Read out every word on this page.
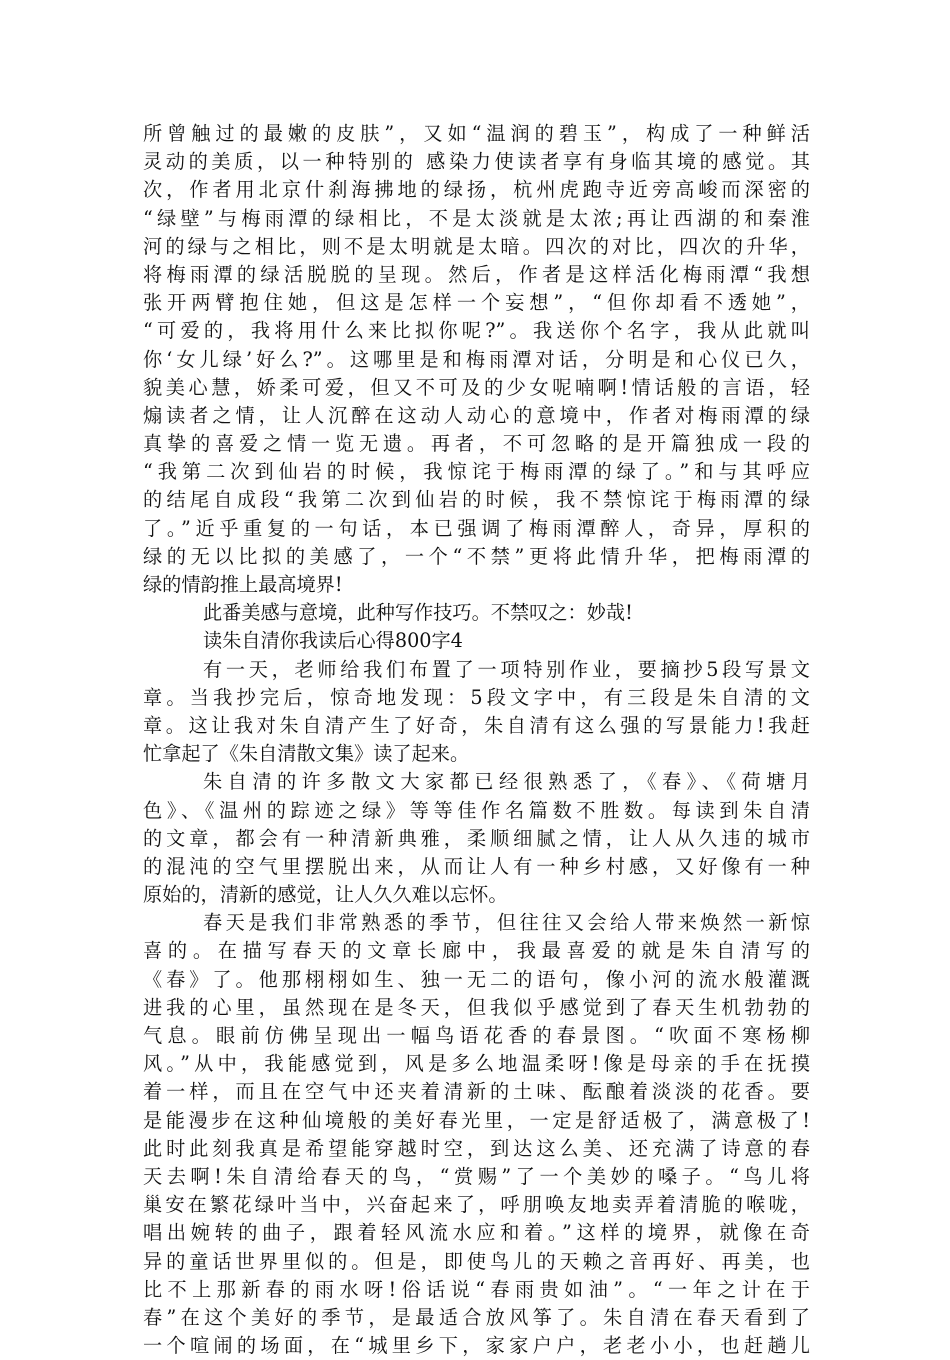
所曾触过的最嫩的皮肤”，又如“温润的碧玉”，构成了一种鲜活
灵动的美质，以一种特别的 感染力使读者享有身临其境的感觉。其
次，作者用北京什刹海拂地的绿扬，杭州虎跑寺近旁高峻而深密的
“绿壁”与梅雨潭的绿相比，不是太淡就是太浓;再让西湖的和秦淮
河的绿与之相比，则不是太明就是太暗。四次的对比，四次的升华，
将梅雨潭的绿活脱脱的呈现。然后，作者是这样活化梅雨潭“我想
张开两臂抱住她，但这是怎样一个妄想”，“但你却看不透她”，
“可爱的，我将用什么来比拟你呢?”。我送你个名字，我从此就叫
你‘女儿绿’好么?”。这哪里是和梅雨潭对话，分明是和心仪已久，
貌美心慧，娇柔可爱，但又不可及的少女呢喃啊!情话般的言语，轻
煽读者之情，让人沉醉在这动人动心的意境中，作者对梅雨潭的绿
真挚的喜爱之情一览无遗。再者，不可忽略的是开篇独成一段的
“我第二次到仙岩的时候，我惊诧于梅雨潭的绿了。”和与其呼应
的结尾自成段“我第二次到仙岩的时候，我不禁惊诧于梅雨潭的绿
了。”近乎重复的一句话，本已强调了梅雨潭醉人，奇异，厚积的
绿的无以比拟的美感了，一个“不禁”更将此情升华，把梅雨潭的
绿的情韵推上最高境界!
此番美感与意境，此种写作技巧。不禁叹之：妙哉!
读朱自清你我读后心得800字4
有一天，老师给我们布置了一项特别作业，要摘抄5段写景文
章。当我抄完后，惊奇地发现：5段文字中，有三段是朱自清的文
章。这让我对朱自清产生了好奇，朱自清有这么强的写景能力!我赶
忙拿起了《朱自清散文集》读了起来。
朱自清的许多散文大家都已经很熟悉了，《春》、《荷塘月
色》、《温州的踪迹之绿》等等佳作名篇数不胜数。每读到朱自清
的文章，都会有一种清新典雅，柔顺细腻之情，让人从久违的城市
的混沌的空气里摆脱出来，从而让人有一种乡村感，又好像有一种
原始的，清新的感觉，让人久久难以忘怀。
春天是我们非常熟悉的季节，但往往又会给人带来焕然一新惊
喜的。在描写春天的文章长廊中，我最喜爱的就是朱自清写的
《春》了。他那栩栩如生、独一无二的语句，像小河的流水般灌溉
进我的心里，虽然现在是冬天，但我似乎感觉到了春天生机勃勃的
气息。眼前仿佛呈现出一幅鸟语花香的春景图。“吹面不寒杨柳
风。”从中，我能感觉到，风是多么地温柔呀!像是母亲的手在抚摸
着一样，而且在空气中还夹着清新的土味、酝酿着淡淡的花香。要
是能漫步在这种仙境般的美好春光里，一定是舒适极了，满意极了!
此时此刻我真是希望能穿越时空，到达这么美、还充满了诗意的春
天去啊!朱自清给春天的鸟，“赏赐”了一个美妙的嗓子。“鸟儿将
巢安在繁花绿叶当中，兴奋起来了，呼朋唤友地卖弄着清脆的喉咙，
唱出婉转的曲子，跟着轻风流水应和着。”这样的境界，就像在奇
异的童话世界里似的。但是，即使鸟儿的天赖之音再好、再美，也
比不上那新春的雨水呀!俗话说“春雨贵如油”。“一年之计在于
春”在这个美好的季节，是最适合放风筝了。朱自清在春天看到了
一个喧闹的场面，在“城里乡下，家家户户，老老小小，也赶趟儿
